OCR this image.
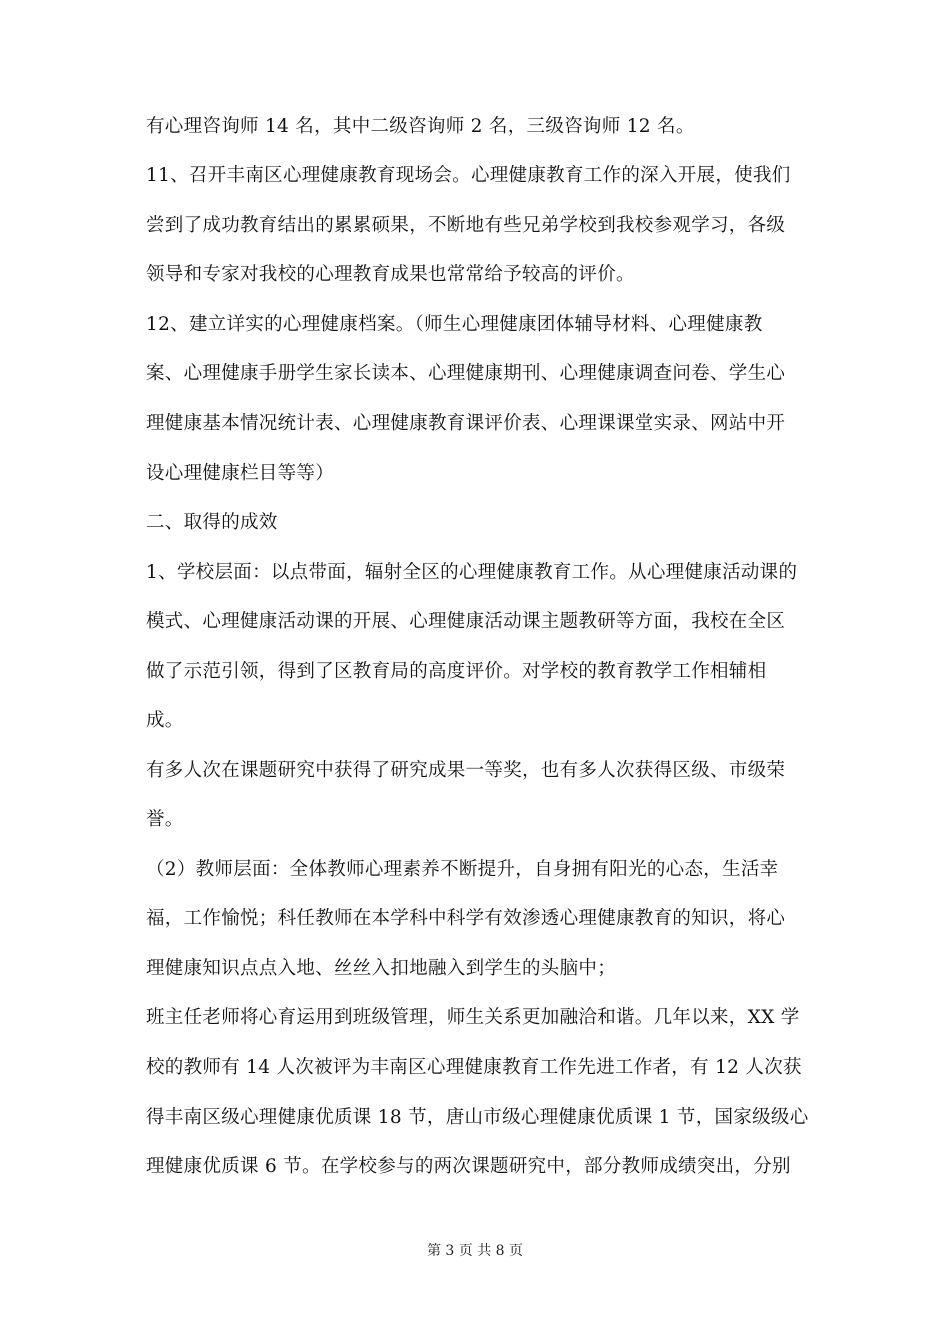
有心理咨询师 14 名，其中二级咨询师 2 名，三级咨询师 12 名。
11、召开丰南区心理健康教育现场会。心理健康教育工作的深入开展，使我们
尝到了成功教育结出的累累硕果，不断地有些兄弟学校到我校参观学习，各级
领导和专家对我校的心理教育成果也常常给予较高的评价。
12、建立详实的心理健康档案。（师生心理健康团体辅导材料、心理健康教
案、心理健康手册学生家长读本、心理健康期刊、心理健康调查问卷、学生心
理健康基本情况统计表、心理健康教育课评价表、心理课课堂实录、网站中开
设心理健康栏目等等）
二、取得的成效
1、学校层面：以点带面，辐射全区的心理健康教育工作。从心理健康活动课的
模式、心理健康活动课的开展、心理健康活动课主题教研等方面，我校在全区
做了示范引领，得到了区教育局的高度评价。对学校的教育教学工作相辅相
成。
有多人次在课题研究中获得了研究成果一等奖，也有多人次获得区级、市级荣
誉。
（2）教师层面：全体教师心理素养不断提升，自身拥有阳光的心态，生活幸
福，工作愉悦；科任教师在本学科中科学有效渗透心理健康教育的知识，将心
理健康知识点点入地、丝丝入扣地融入到学生的头脑中；
班主任老师将心育运用到班级管理，师生关系更加融洽和谐。几年以来，XX 学
校的教师有 14 人次被评为丰南区心理健康教育工作先进工作者，有 12 人次获
得丰南区级心理健康优质课 18 节，唐山市级心理健康优质课 1 节，国家级级心
理健康优质课 6 节。在学校参与的两次课题研究中，部分教师成绩突出，分别
第 3 页 共 8 页
